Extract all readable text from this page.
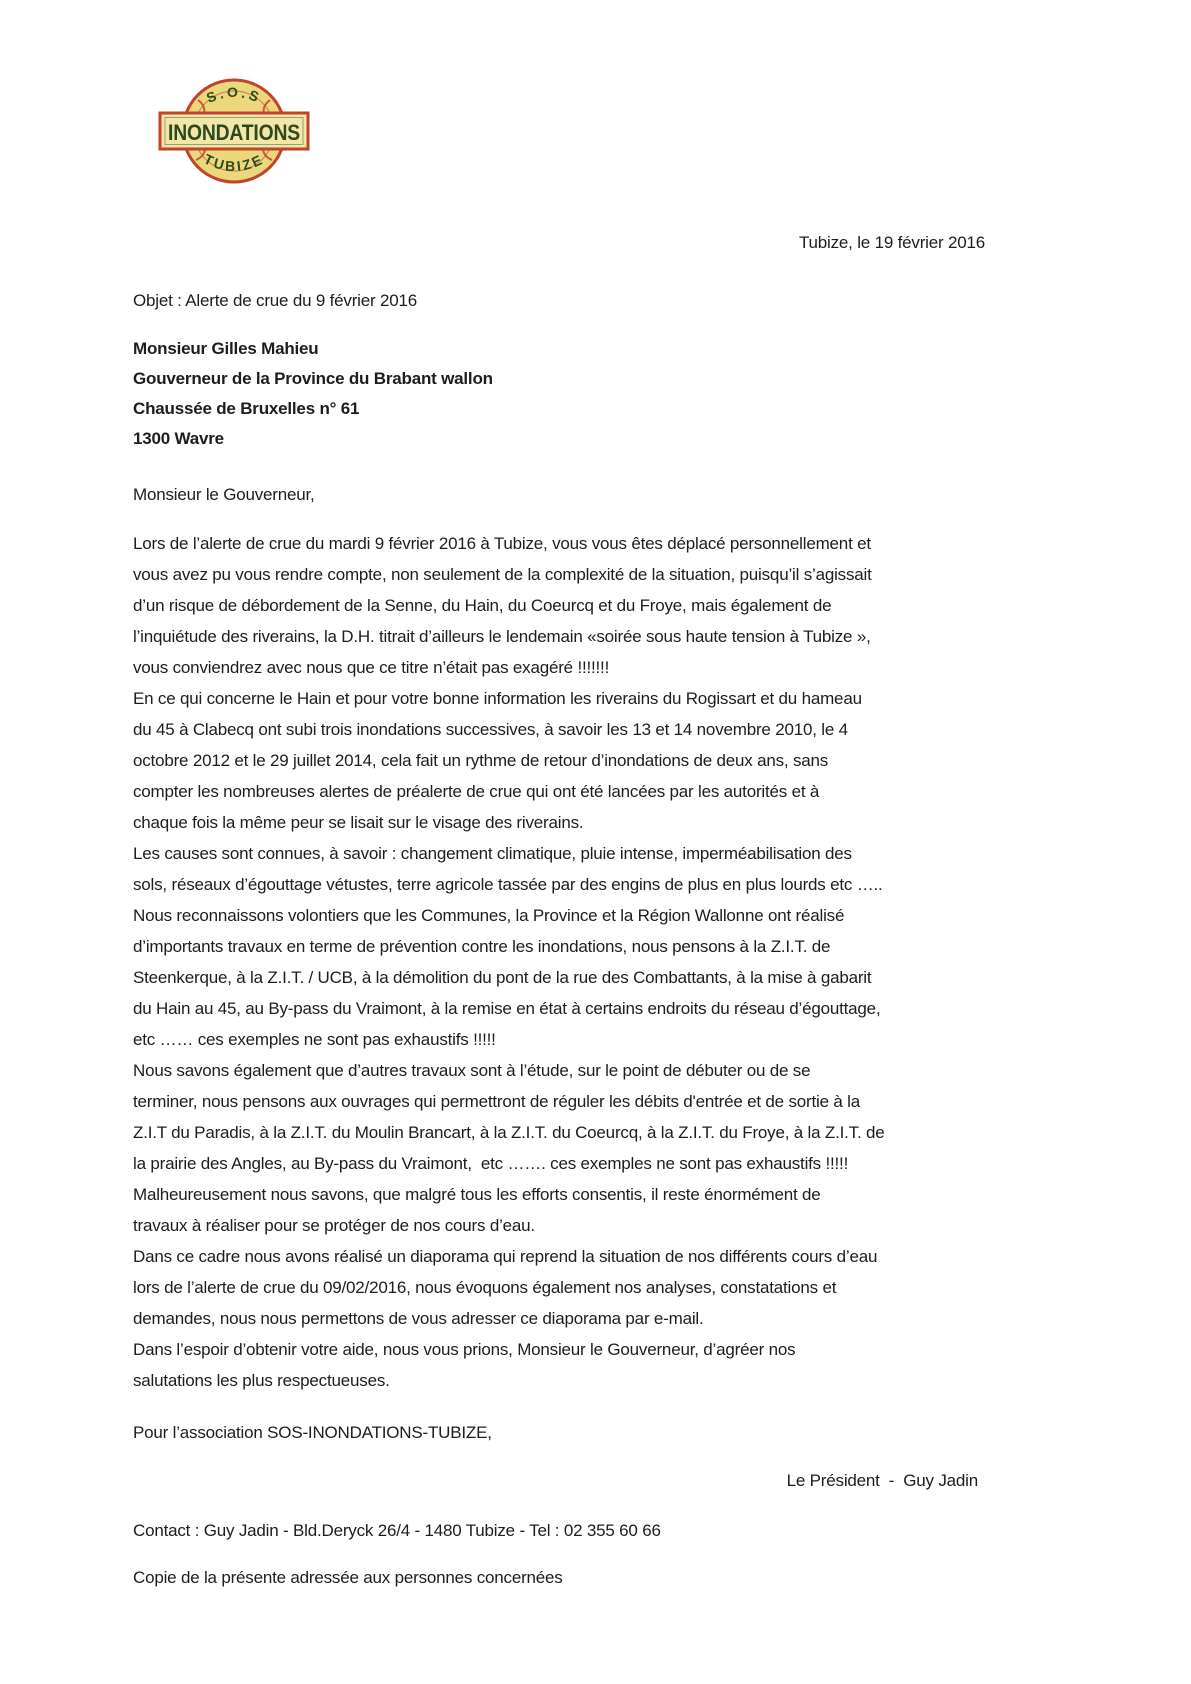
S.O.S
TUBIZE
INONDATIONS
Tubize, le 19 février 2016
Objet : Alerte de crue du 9 février 2016
Monsieur Gilles Mahieu
Gouverneur de la Province du Brabant wallon
Chaussée de Bruxelles n° 61
1300 Wavre
Monsieur le Gouverneur,
Lors de l’alerte de crue du mardi 9 février 2016 à Tubize, vous vous êtes déplacé personnellement et
vous avez pu vous rendre compte, non seulement de la complexité de la situation, puisqu’il s’agissait
d’un risque de débordement de la Senne, du Hain, du Coeurcq et du Froye, mais également de
l’inquiétude des riverains, la D.H. titrait d’ailleurs le lendemain «soirée sous haute tension à Tubize »,
vous conviendrez avec nous que ce titre n’était pas exagéré !!!!!!!
En ce qui concerne le Hain et pour votre bonne information les riverains du Rogissart et du hameau
du 45 à Clabecq ont subi trois inondations successives, à savoir les 13 et 14 novembre 2010, le 4
octobre 2012 et le 29 juillet 2014, cela fait un rythme de retour d’inondations de deux ans, sans
compter les nombreuses alertes de préalerte de crue qui ont été lancées par les autorités et à
chaque fois la même peur se lisait sur le visage des riverains.
Les causes sont connues, à savoir : changement climatique, pluie intense, imperméabilisation des
sols, réseaux d’égouttage vétustes, terre agricole tassée par des engins de plus en plus lourds etc …..
Nous reconnaissons volontiers que les Communes, la Province et la Région Wallonne ont réalisé
d’importants travaux en terme de prévention contre les inondations, nous pensons à la Z.I.T. de
Steenkerque, à la Z.I.T. / UCB, à la démolition du pont de la rue des Combattants, à la mise à gabarit
du Hain au 45, au By-pass du Vraimont, à la remise en état à certains endroits du réseau d’égouttage,
etc …… ces exemples ne sont pas exhaustifs !!!!!
Nous savons également que d’autres travaux sont à l’étude, sur le point de débuter ou de se
terminer, nous pensons aux ouvrages qui permettront de réguler les débits d'entrée et de sortie à la
Z.I.T du Paradis, à la Z.I.T. du Moulin Brancart, à la Z.I.T. du Coeurcq, à la Z.I.T. du Froye, à la Z.I.T. de
la prairie des Angles, au By-pass du Vraimont,  etc ……. ces exemples ne sont pas exhaustifs !!!!!
Malheureusement nous savons, que malgré tous les efforts consentis, il reste énormément de
travaux à réaliser pour se protéger de nos cours d’eau.
Dans ce cadre nous avons réalisé un diaporama qui reprend la situation de nos différents cours d’eau
lors de l’alerte de crue du 09/02/2016, nous évoquons également nos analyses, constatations et
demandes, nous nous permettons de vous adresser ce diaporama par e-mail.
Dans l’espoir d’obtenir votre aide, nous vous prions, Monsieur le Gouverneur, d’agréer nos
salutations les plus respectueuses.
Pour l’association SOS-INONDATIONS-TUBIZE,
Le Président  -  Guy Jadin
Contact : Guy Jadin - Bld.Deryck 26/4 - 1480 Tubize - Tel : 02 355 60 66
Copie de la présente adressée aux personnes concernées
